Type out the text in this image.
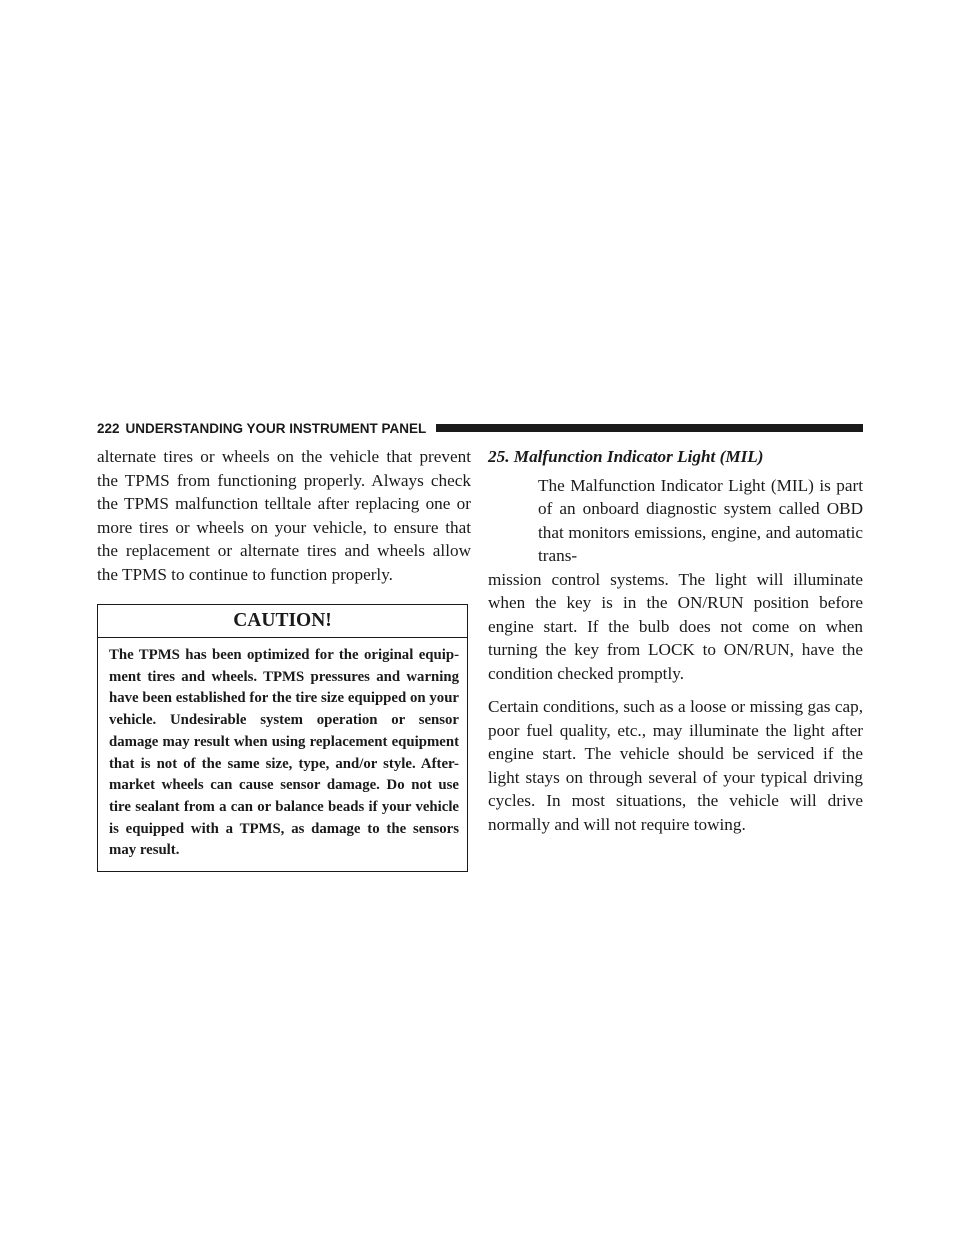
222 UNDERSTANDING YOUR INSTRUMENT PANEL

alternate tires or wheels on the vehicle that prevent the TPMS from functioning properly. Always check the TPMS malfunction telltale after replacing one or more tires or wheels on your vehicle, to ensure that the replacement or alternate tires and wheels allow the TPMS to continue to function properly.

CAUTION!
The TPMS has been optimized for the original equip- ment tires and wheels. TPMS pressures and warning have been established for the tire size equipped on your vehicle. Undesirable system operation or sensor damage may result when using replacement equipment that is not of the same size, type, and/or style. After- market wheels can cause sensor damage. Do not use tire sealant from a can or balance beads if your vehicle is equipped with a TPMS, as damage to the sensors may result.
25. Malfunction Indicator Light (MIL)

The Malfunction Indicator Light (MIL) is part of an onboard diagnostic system called OBD that monitors emissions, engine, and automatic trans-

mission control systems. The light will illuminate when the key is in the ON/RUN position before engine start. If the bulb does not come on when turning the key from LOCK to ON/RUN, have the condition checked promptly.

Certain conditions, such as a loose or missing gas cap, poor fuel quality, etc., may illuminate the light after engine start. The vehicle should be serviced if the light stays on through several of your typical driving cycles. In most situations, the vehicle will drive normally and will not require towing.
